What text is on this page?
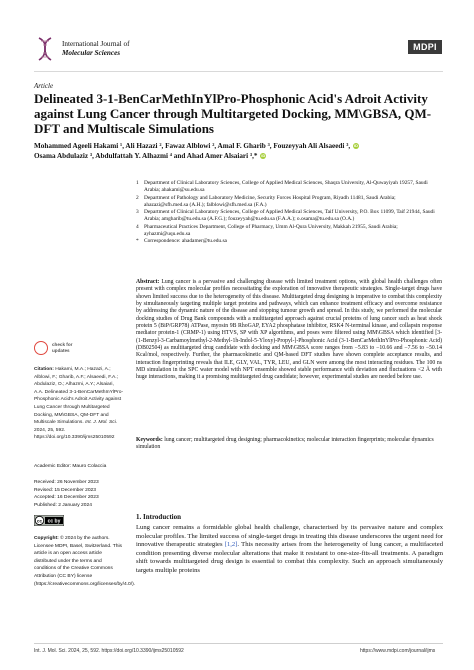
International Journal of
Molecular Sciences
MDPI
Article
Delineated 3-1-BenCarMethInYlPro-Phosphonic Acid's Adroit Activity against Lung Cancer through Multitargeted Docking, MM\GBSA, QM-DFT and Multiscale Simulations
Mohammed Ageeli Hakami ¹, Ali Hazazi ², Fawaz Alblowi ², Amal F. Gharib ³, Fouzeyyah Ali Alsaeedi ³, iD
Osama Abdulaziz ³, Abdulfattah Y. Alhazmi ⁴ and Ahad Amer Alsaiari ³,* iD
1 Department of Clinical Laboratory Sciences, College of Applied Medical Sciences, Shaqra University, Al-Quwayiyah 19257, Saudi Arabia; ahakami@su.edu.sa
2 Department of Pathology and Laboratory Medicine, Security Forces Hospital Program, Riyadh 11481, Saudi Arabia; ahazazi@sfh.med.sa (A.H.); falblowi@sfh.med.sa (F.A.)
3 Department of Clinical Laboratory Sciences, College of Applied Medical Sciences, Taif University, P.O. Box 11099, Taif 21944, Saudi Arabia; amgharib@tu.edu.sa (A.F.G.); fouzeyyah@tu.edu.sa (F.A.A.); o.osama@tu.edu.sa (O.A.)
4 Pharmaceutical Practices Department, College of Pharmacy, Umm Al-Qura University, Makkah 21955, Saudi Arabia; ayhazmi@uqu.edu.sa
* Correspondence: ahadamer@tu.edu.sa
Abstract: Lung cancer is a pervasive and challenging disease with limited treatment options, with global health challenges often present with complex molecular profiles necessitating the exploration of innovative therapeutic strategies. Single-target drugs have shown limited success due to the heterogeneity of this disease. Multitargeted drug designing is imperative to combat this complexity by simultaneously targeting multiple target proteins and pathways, which can enhance treatment efficacy and overcome resistance by addressing the dynamic nature of the disease and stopping tumour growth and spread. In this study, we performed the molecular docking studies of Drug Bank compounds with a multitargeted approach against crucial proteins of lung cancer such as heat shock protein 5 (BiP/GRP78) ATPase, myosin 9B RhoGAP, EYA2 phosphatase inhibitor, RSK4 N-terminal kinase, and collapsin response mediator protein-1 (CRMP-1) using HTVS, SP with XP algorithms, and poses were filtered using MM\GBSA which identified [3-(1-Benzyl-3-Carbamoylmethyl-2-Methyl-1h-Indol-5-Yloxy)-Propyl-]-Phosphonic Acid (3-1-BenCarMethInYlPro-Phosphonic Acid) (DB02504) as multitargeted drug candidate with docking and MM\GBSA score ranges from −5.83 to −10.66 and −7.56 to −50.14 Kcal/mol, respectively. Further, the pharmacokinetic and QM-based DFT studies have shown complete acceptance results, and interaction fingerprinting reveals that ILE, GLY, VAL, TYR, LEU, and GLN were among the most interacting residues. The 100 ns MD simulation in the SPC water model with NPT ensemble showed stable performance with deviation and fluctuations <2 Å with huge interactions, making it a promising multitargeted drug candidate; however, experimental studies are needed before use.
Keywords: lung cancer; multitargeted drug designing; pharmacokinetics; molecular interaction fingerprints; molecular dynamics simulation
check for
updates
Citation: Hakami, M.A.; Hazazi, A.; Alblowi, F.; Gharib, A.F.; Alsaeedi, F.A.; Abdulaziz, O.; Alhazmi, A.Y.; Alsaiari, A.A. Delineated 3-1-BenCarMethInYlPro-Phosphonic Acid's Adroit Activity against Lung Cancer through Multitargeted Docking, MM\GBSA, QM-DFT and Multiscale Simulations. Int. J. Mol. Sci. 2024, 25, 592. https://doi.org/10.3390/ijms25010592
Academic Editor: Mauro Colaccia
Received: 26 November 2023
Revised: 15 December 2023
Accepted: 16 December 2023
Published: 2 January 2024
cc cc by
Copyright: © 2024 by the authors. Licensee MDPI, Basel, Switzerland. This article is an open access article distributed under the terms and conditions of the Creative Commons Attribution (CC BY) license (https://creativecommons.org/licenses/by/4.0/).
1. Introduction
Lung cancer remains a formidable global health challenge, characterised by its pervasive nature and complex molecular profiles. The limited success of single-target drugs in treating this disease underscores the urgent need for innovative therapeutic strategies [1,2]. This necessity arises from the heterogeneity of lung cancer, a multifaceted condition presenting diverse molecular alterations that make it resistant to one-size-fits-all treatments. A paradigm shift towards multitargeted drug design is essential to combat this complexity. Such an approach simultaneously targets multiple proteins
Int. J. Mol. Sci. 2024, 25, 592. https://doi.org/10.3390/ijms25010592	https://www.mdpi.com/journal/ijms
